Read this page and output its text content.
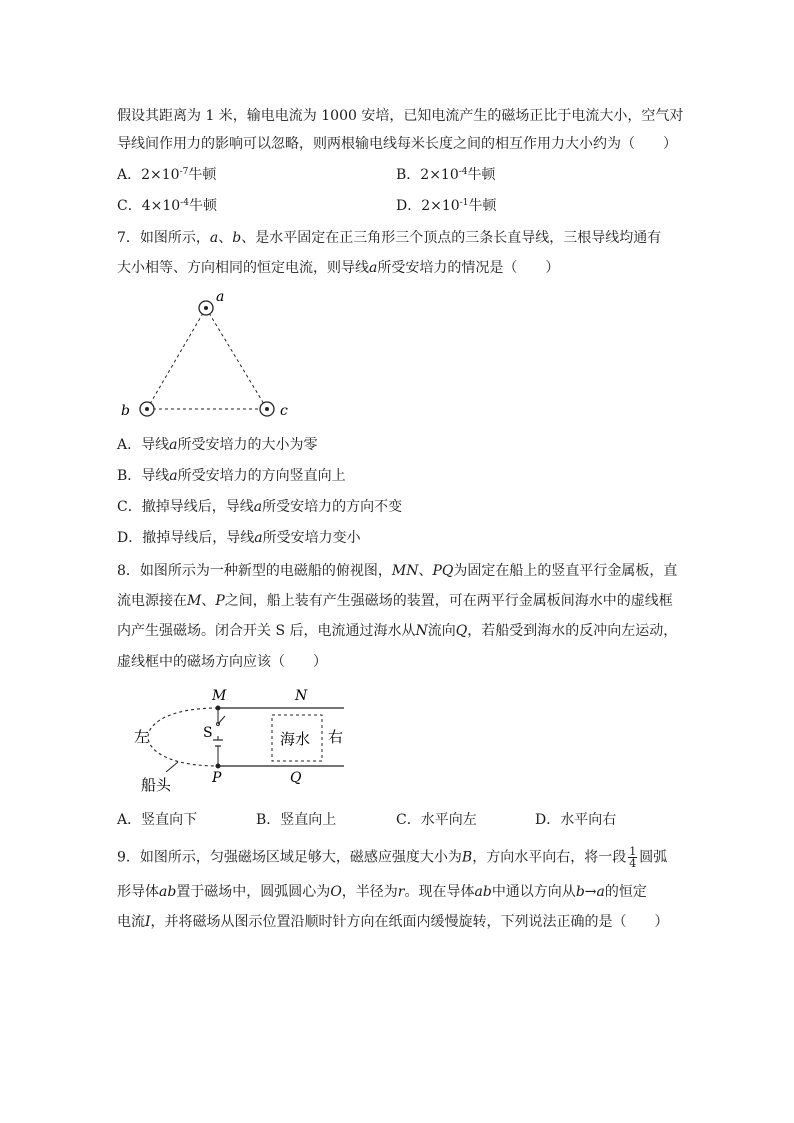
假设其距离为 1 米，输电电流为 1000 安培，已知电流产生的磁场正比于电流大小，空气对
导线间作用力的影响可以忽略，则两根输电线每米长度之间的相互作用力大小约为（　　）
A．$2\times 10^{-7}$牛顿	B．$2\times 10^{-4}$牛顿
C．$4\times 10^{-4}$牛顿	D．$2\times 10^{-1}$牛顿
7．如图所示，a、b、是水平固定在正三角形三个顶点的三条长直导线，三根导线均通有
大小相等、方向相同的恒定电流，则导线a所受安培力的情况是（　　）
a
b	c
A．导线a所受安培力的大小为零
B．导线a所受安培力的方向竖直向上
C．撤掉导线后，导线a所受安培力的方向不变
D．撤掉导线后，导线a所受安培力变小
8．如图所示为一种新型的电磁船的俯视图，MN、PQ为固定在船上的竖直平行金属板，直
流电源接在M、P之间，船上装有产生强磁场的装置，可在两平行金属板间海水中的虚线框
内产生强磁场。闭合开关 S 后，电流通过海水从N流向Q，若船受到海水的反冲向左运动，
虚线框中的磁场方向应该（　　）
M	N
P	Q
S	海水
左	右
船头
A．竖直向下	B．竖直向上	C．水平向左	D．水平向右
9．如图所示，匀强磁场区域足够大，磁感应强度大小为B，方向水平向右，将一段 $\frac{1}{4}$ 圆弧
形导体ab置于磁场中，圆弧圆心为O，半径为r。现在导体ab中通以方向从b→a的恒定
电流I，并将磁场从图示位置沿顺时针方向在纸面内缓慢旋转，下列说法正确的是（　　）
